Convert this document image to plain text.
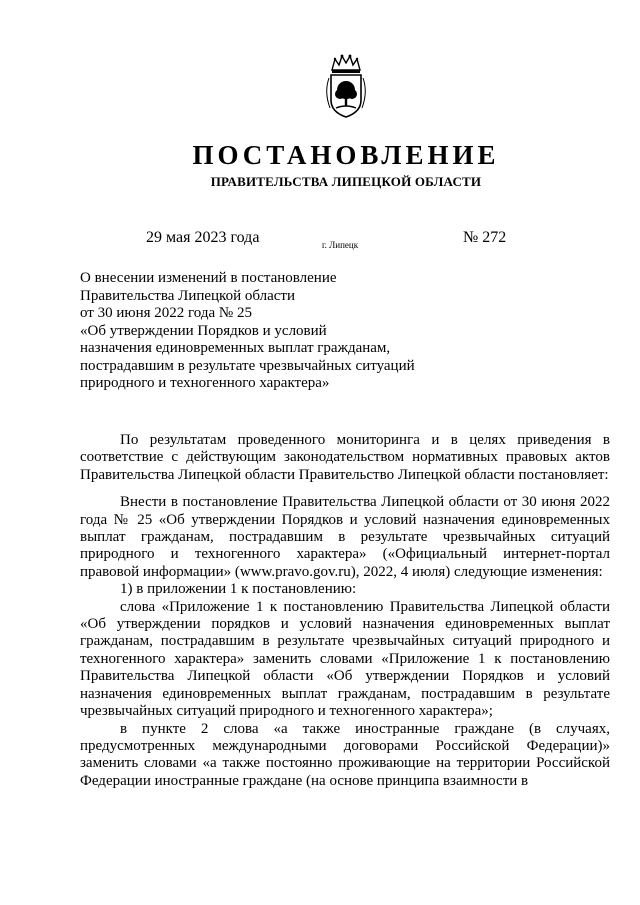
ПОСТАНОВЛЕНИЕ
ПРАВИТЕЛЬСТВА ЛИПЕЦКОЙ ОБЛАСТИ
29 мая 2023 года	г. Липецк	№ 272
О внесении изменений в постановление
Правительства Липецкой области
от 30 июня 2022 года № 25
«Об утверждении Порядков и условий
назначения единовременных выплат гражданам,
пострадавшим в результате чрезвычайных ситуаций
природного и техногенного характера»

По результатам проведенного мониторинга и в целях приведения в соответствие с действующим законодательством нормативных правовых актов Правительства Липецкой области Правительство Липецкой области постановляет:

Внести в постановление Правительства Липецкой области от 30 июня 2022 года № 25 «Об утверждении Порядков и условий назначения единовременных выплат гражданам, пострадавшим в результате чрезвычайных ситуаций природного и техногенного характера» («Официальный интернет-портал правовой информации» (www.pravo.gov.ru), 2022, 4 июля) следующие изменения:

1) в приложении 1 к постановлению:

слова «Приложение 1 к постановлению Правительства Липецкой области «Об утверждении порядков и условий назначения единовременных выплат гражданам, пострадавшим в результате чрезвычайных ситуаций природного и техногенного характера» заменить словами «Приложение 1 к постановлению Правительства Липецкой области «Об утверждении Порядков и условий назначения единовременных выплат гражданам, пострадавшим в результате чрезвычайных ситуаций природного и техногенного характера»;

в пункте 2 слова «а также иностранные граждане (в случаях, предусмотренных международными договорами Российской Федерации)» заменить словами «а также постоянно проживающие на территории Российской Федерации иностранные граждане (на основе принципа взаимности в
